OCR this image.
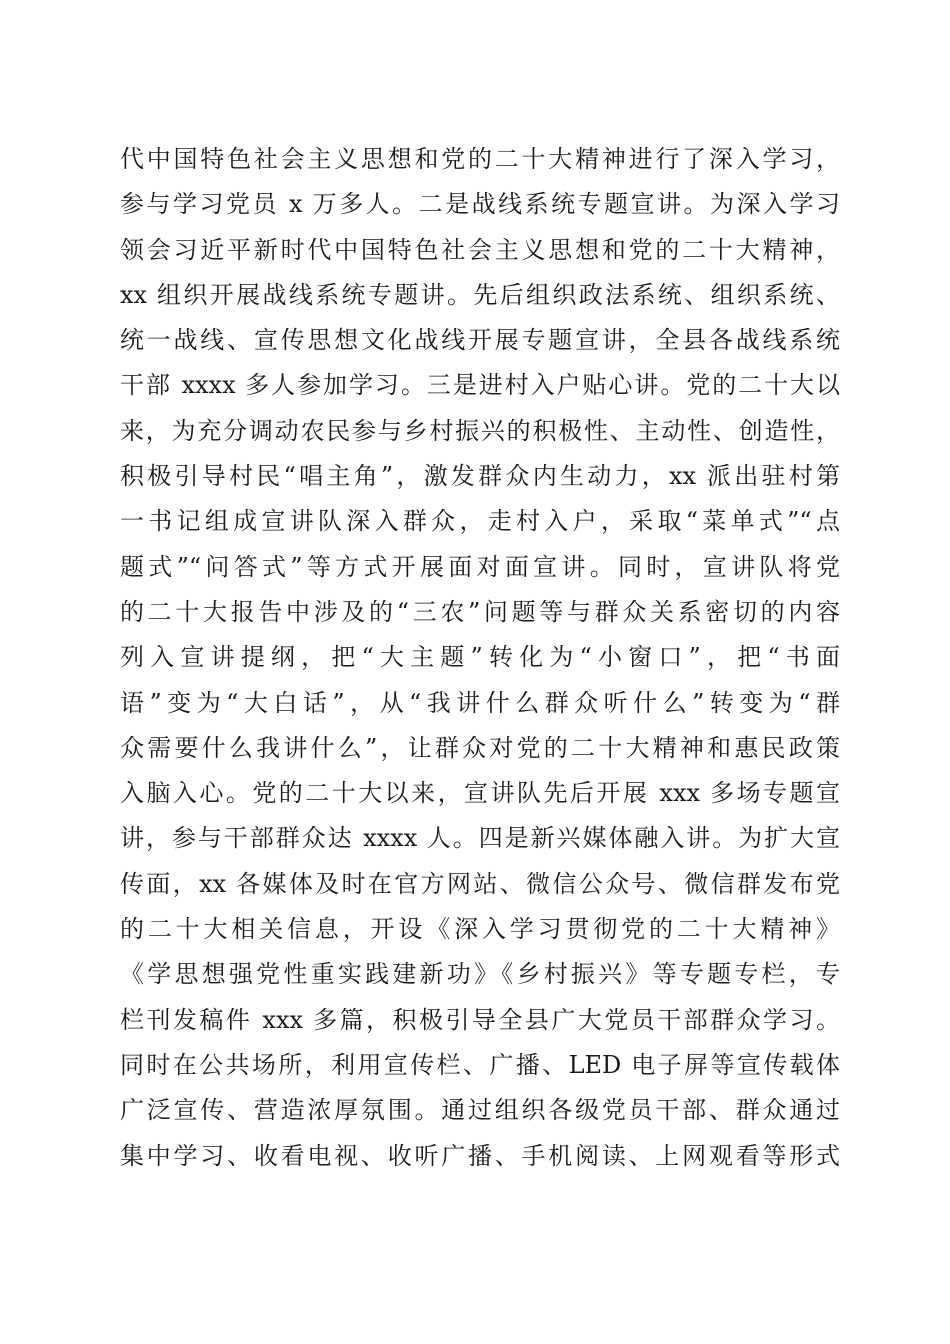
代中国特色社会主义思想和党的二十大精神进行了深入学习，
参与学习党员 x 万多人。二是战线系统专题宣讲。为深入学习
领会习近平新时代中国特色社会主义思想和党的二十大精神，
xx 组织开展战线系统专题讲。先后组织政法系统、组织系统、
统一战线、宣传思想文化战线开展专题宣讲，全县各战线系统
干部 xxxx 多人参加学习。三是进村入户贴心讲。党的二十大以
来，为充分调动农民参与乡村振兴的积极性、主动性、创造性，
积极引导村民“唱主角”，激发群众内生动力，xx 派出驻村第
一书记组成宣讲队深入群众，走村入户，采取“菜单式”“点
题式”“问答式”等方式开展面对面宣讲。同时，宣讲队将党
的二十大报告中涉及的“三农”问题等与群众关系密切的内容
列入宣讲提纲，把“大主题”转化为“小窗口”，把“书面
语”变为“大白话”，从“我讲什么群众听什么”转变为“群
众需要什么我讲什么”，让群众对党的二十大精神和惠民政策
入脑入心。党的二十大以来，宣讲队先后开展 xxx 多场专题宣
讲，参与干部群众达 xxxx 人。四是新兴媒体融入讲。为扩大宣
传面，xx 各媒体及时在官方网站、微信公众号、微信群发布党
的二十大相关信息，开设《深入学习贯彻党的二十大精神》
《学思想强党性重实践建新功》《乡村振兴》等专题专栏，专
栏刊发稿件 xxx 多篇，积极引导全县广大党员干部群众学习。
同时在公共场所，利用宣传栏、广播、LED 电子屏等宣传载体
广泛宣传、营造浓厚氛围。通过组织各级党员干部、群众通过
集中学习、收看电视、收听广播、手机阅读、上网观看等形式
